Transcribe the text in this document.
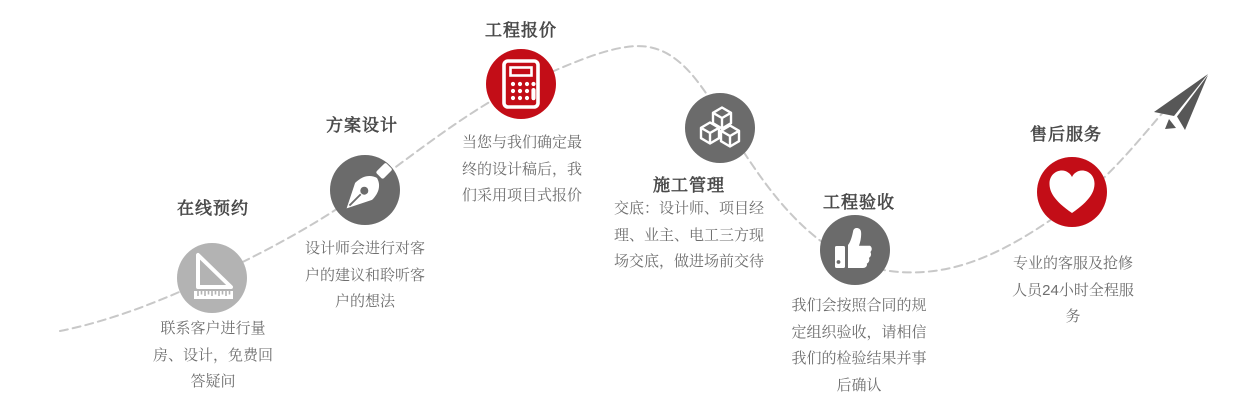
在线预约
联系客户进行量
房、设计，免费回
答疑问
方案设计
设计师会进行对客
户的建议和聆听客
户的想法
工程报价
当您与我们确定最
终的设计稿后，我
们采用项目式报价
施工管理
交底：设计师、项目经
理、业主、电工三方现
场交底，做进场前交待
工程验收
我们会按照合同的规
定组织验收，请相信
我们的检验结果并事
后确认
售后服务
专业的客服及抢修
人员24小时全程服
务
